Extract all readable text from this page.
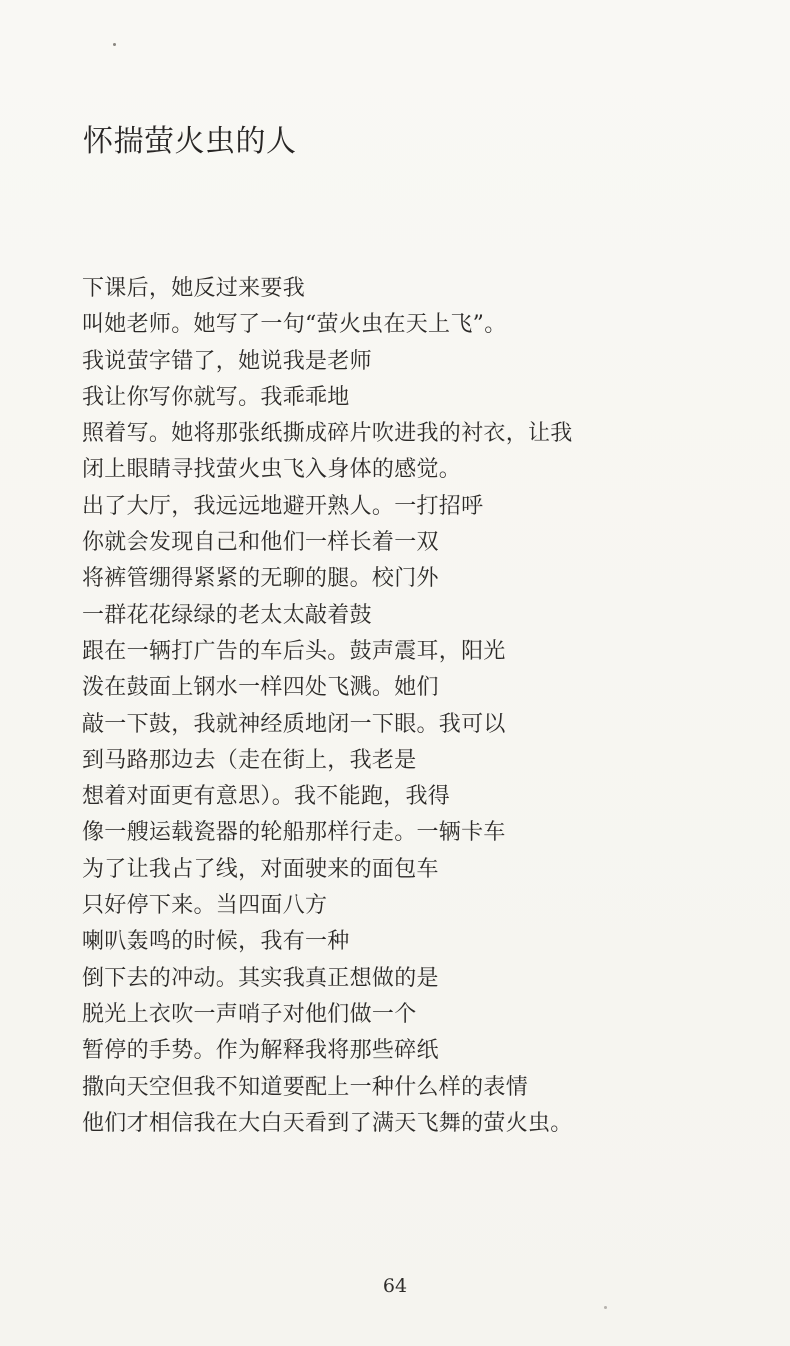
怀揣萤火虫的人
下课后，她反过来要我
叫她老师。她写了一句“萤火虫在天上飞”。
我说萤字错了，她说我是老师
我让你写你就写。我乖乖地
照着写。她将那张纸撕成碎片吹进我的衬衣，让我
闭上眼睛寻找萤火虫飞入身体的感觉。
出了大厅，我远远地避开熟人。一打招呼
你就会发现自己和他们一样长着一双
将裤管绷得紧紧的无聊的腿。校门外
一群花花绿绿的老太太敲着鼓
跟在一辆打广告的车后头。鼓声震耳，阳光
泼在鼓面上钢水一样四处飞溅。她们
敲一下鼓，我就神经质地闭一下眼。我可以
到马路那边去（走在街上，我老是
想着对面更有意思）。我不能跑，我得
像一艘运载瓷器的轮船那样行走。一辆卡车
为了让我占了线，对面驶来的面包车
只好停下来。当四面八方
喇叭轰鸣的时候，我有一种
倒下去的冲动。其实我真正想做的是
脱光上衣吹一声哨子对他们做一个
暂停的手势。作为解释我将那些碎纸
撒向天空但我不知道要配上一种什么样的表情
他们才相信我在大白天看到了满天飞舞的萤火虫。
64
